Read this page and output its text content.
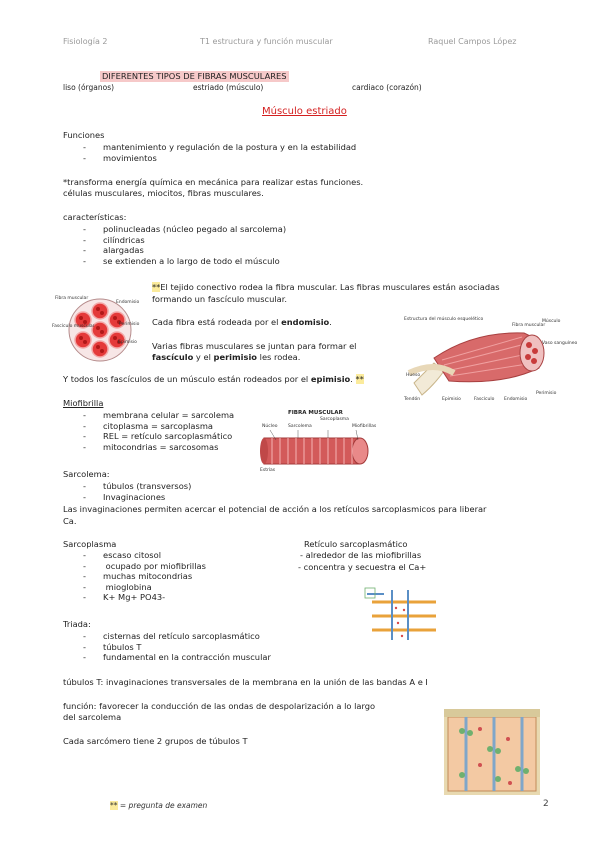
Fisiología 2	T1 estructura y función muscular	Raquel Campos López
DIFERENTES TIPOS DE FIBRAS MUSCULARES
liso (órganos)	estriado (músculo)	cardiaco (corazón)
Músculo estriado
Funciones
- mantenimiento y regulación de la postura y en la estabilidad
- movimientos
*transforma energía química en mecánica para realizar estas funciones.
células musculares, miocitos, fibras musculares.
características:
- polinucleadas (núcleo pegado al sarcolema)
- cilíndricas
- alargadas
- se extienden a lo largo de todo el músculo
**El tejido conectivo rodea la fibra muscular. Las fibras musculares están asociadas
formando un fascículo muscular.
Cada fibra está rodeada por el endomisio.
Varias fibras musculares se juntan para formar el
fascículo y el perimisio les rodea.
Y todos los fascículos de un músculo están rodeados por el epimisio. **
Fibra muscular
Endomisio
Perimisio
Fascículo muscular
Epimisio
Estructura del músculo esquelético
Tendón	Epimisio	Fascículo Endomisio
Perimisio
Vaso sanguíneo
Fibra muscular
Hueso
Músculo
Miofibrilla
- membrana celular = sarcolema
- citoplasma = sarcoplasma
- REL = retículo sarcoplasmático
- mitocondrias = sarcosomas
FIBRA MUSCULAR
Núcleo Sarcolema
Sarcoplasma
Miofibrillas
Estrías
Sarcolema:
- túbulos (transversos)
- Invaginaciones
Las invaginaciones permiten acercar el potencial de acción a los retículos sarcoplasmicos para liberar
Ca.
Sarcoplasma
- escaso citosol
- ocupado por miofibrillas
- muchas mitocondrias
- mioglobina
- K+ Mg+ PO43-
Retículo sarcoplasmático
- alrededor de las miofibrillas
- concentra y secuestra el Ca+
Triada:
- cisternas del retículo sarcoplasmático
- túbulos T
- fundamental en la contracción muscular
túbulos T: invaginaciones transversales de la membrana en la unión de las bandas A e I
función: favorecer la conducción de las ondas de despolarización a lo largo
del sarcolema
Cada sarcómero tiene 2 grupos de túbulos T
** = pregunta de examen	2
